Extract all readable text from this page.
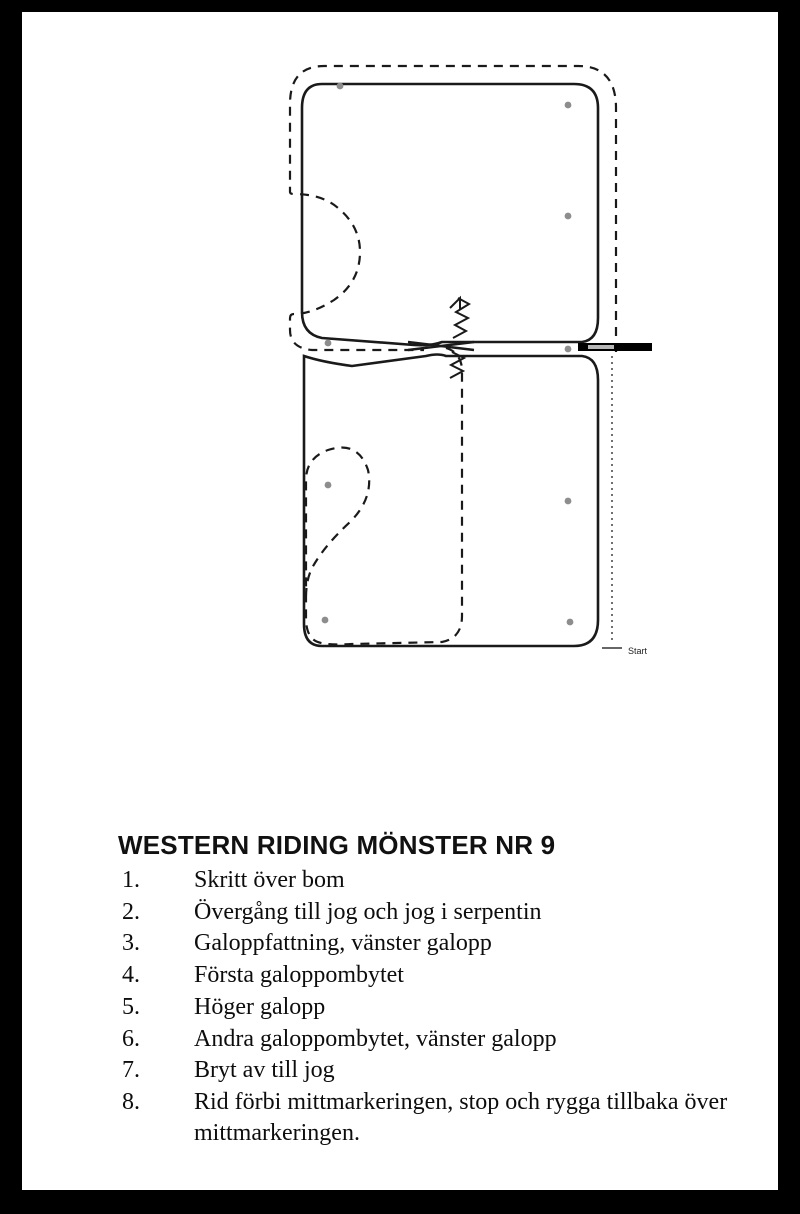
Start
WESTERN RIDING MÖNSTER NR 9
1.	Skritt över bom
2.	Övergång till jog och jog i serpentin
3.	Galoppfattning, vänster galopp
4.	Första galoppombytet
5.	Höger galopp
6.	Andra galoppombytet, vänster galopp
7.	Bryt av till jog
8.	Rid förbi mittmarkeringen, stop och rygga tillbaka över mittmarkeringen.
